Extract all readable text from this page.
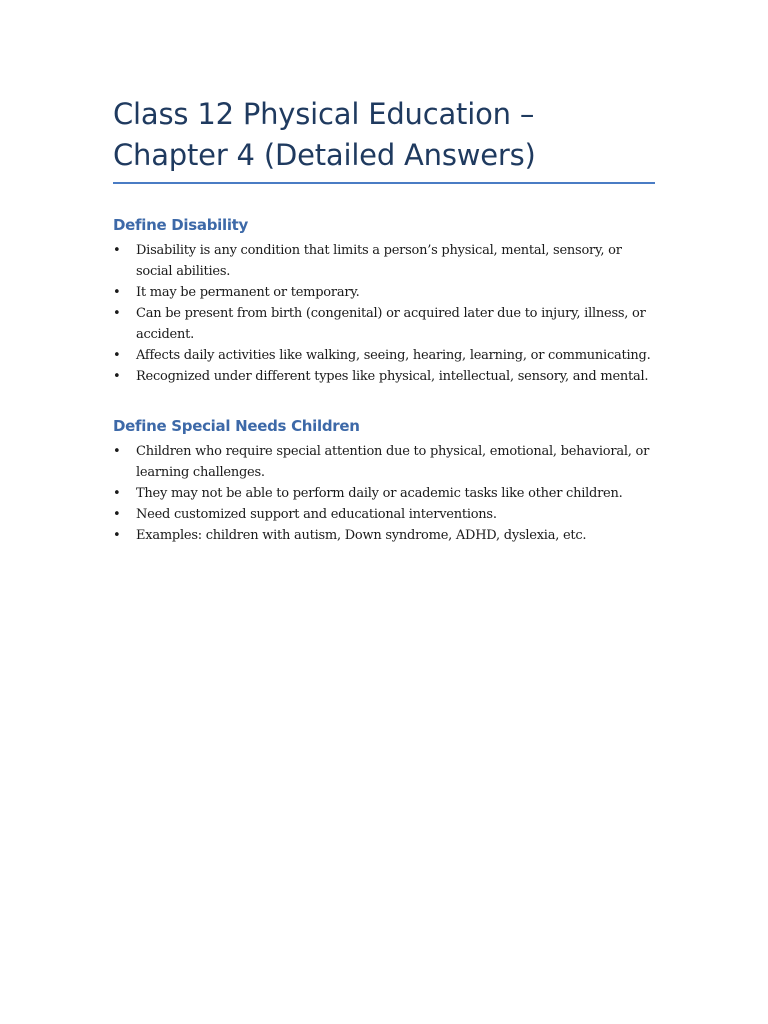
Class 12 Physical Education – Chapter 4 (Detailed Answers)
Define Disability
• Disability is any condition that limits a person’s physical, mental, sensory, or social abilities.
• It may be permanent or temporary.
• Can be present from birth (congenital) or acquired later due to injury, illness, or accident.
• Affects daily activities like walking, seeing, hearing, learning, or communicating.
• Recognized under different types like physical, intellectual, sensory, and mental.
Define Special Needs Children
• Children who require special attention due to physical, emotional, behavioral, or learning challenges.
• They may not be able to perform daily or academic tasks like other children.
• Need customized support and educational interventions.
• Examples: children with autism, Down syndrome, ADHD, dyslexia, etc.
